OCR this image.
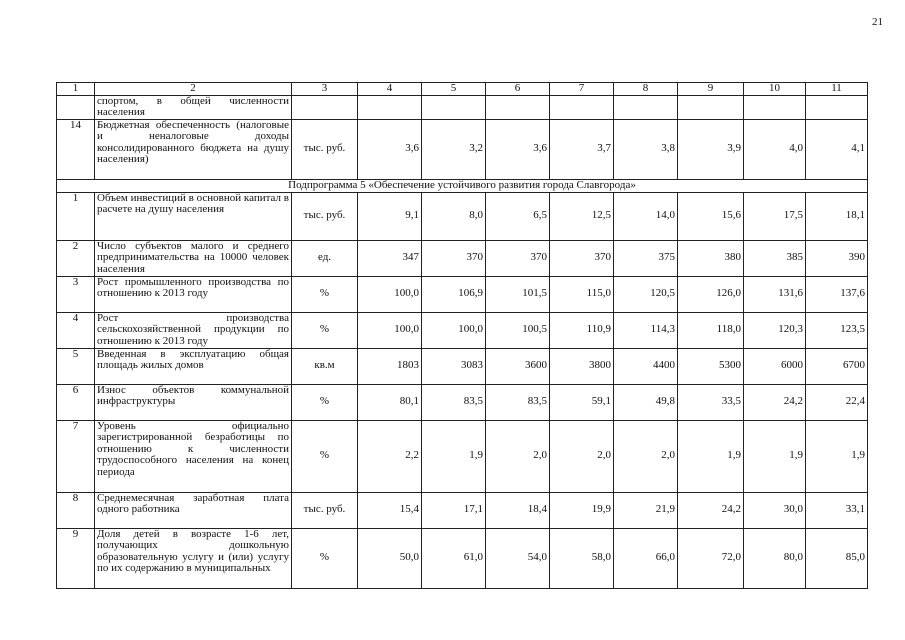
21
1	2	3	4	5	6	7	8	9	10	11
	спортом, в общей численности населения									
14	Бюджетная обеспеченность (налоговые и неналоговые доходы консолидированного бюджета на душу населения)	тыс. руб.	3,6	3,2	3,6	3,7	3,8	3,9	4,0	4,1
Подпрограмма 5 «Обеспечение устойчивого развития города Славгорода»										
1	Объем инвестиций в основной капитал в расчете на душу населения	тыс. руб.	9,1	8,0	6,5	12,5	14,0	15,6	17,5	18,1
2	Число субъектов малого и среднего предпринимательства на 10000 человек населения	ед.	347	370	370	370	375	380	385	390
3	Рост промышленного производства по отношению к 2013 году	%	100,0	106,9	101,5	115,0	120,5	126,0	131,6	137,6
4	Рост производства сельскохозяйственной продукции по отношению к 2013 году	%	100,0	100,0	100,5	110,9	114,3	118,0	120,3	123,5
5	Введенная в эксплуатацию общая площадь жилых домов	кв.м	1803	3083	3600	3800	4400	5300	6000	6700
6	Износ объектов коммунальной инфраструктуры	%	80,1	83,5	83,5	59,1	49,8	33,5	24,2	22,4
7	Уровень официально зарегистрированной безработицы по отношению к численности трудоспособного населения на конец периода	%	2,2	1,9	2,0	2,0	2,0	1,9	1,9	1,9
8	Среднемесячная заработная плата одного работника	тыс. руб.	15,4	17,1	18,4	19,9	21,9	24,2	30,0	33,1
9	Доля детей в возрасте 1-6 лет, получающих дошкольную образовательную услугу и (или) услугу по их содержанию в муниципальных	%	50,0	61,0	54,0	58,0	66,0	72,0	80,0	85,0
